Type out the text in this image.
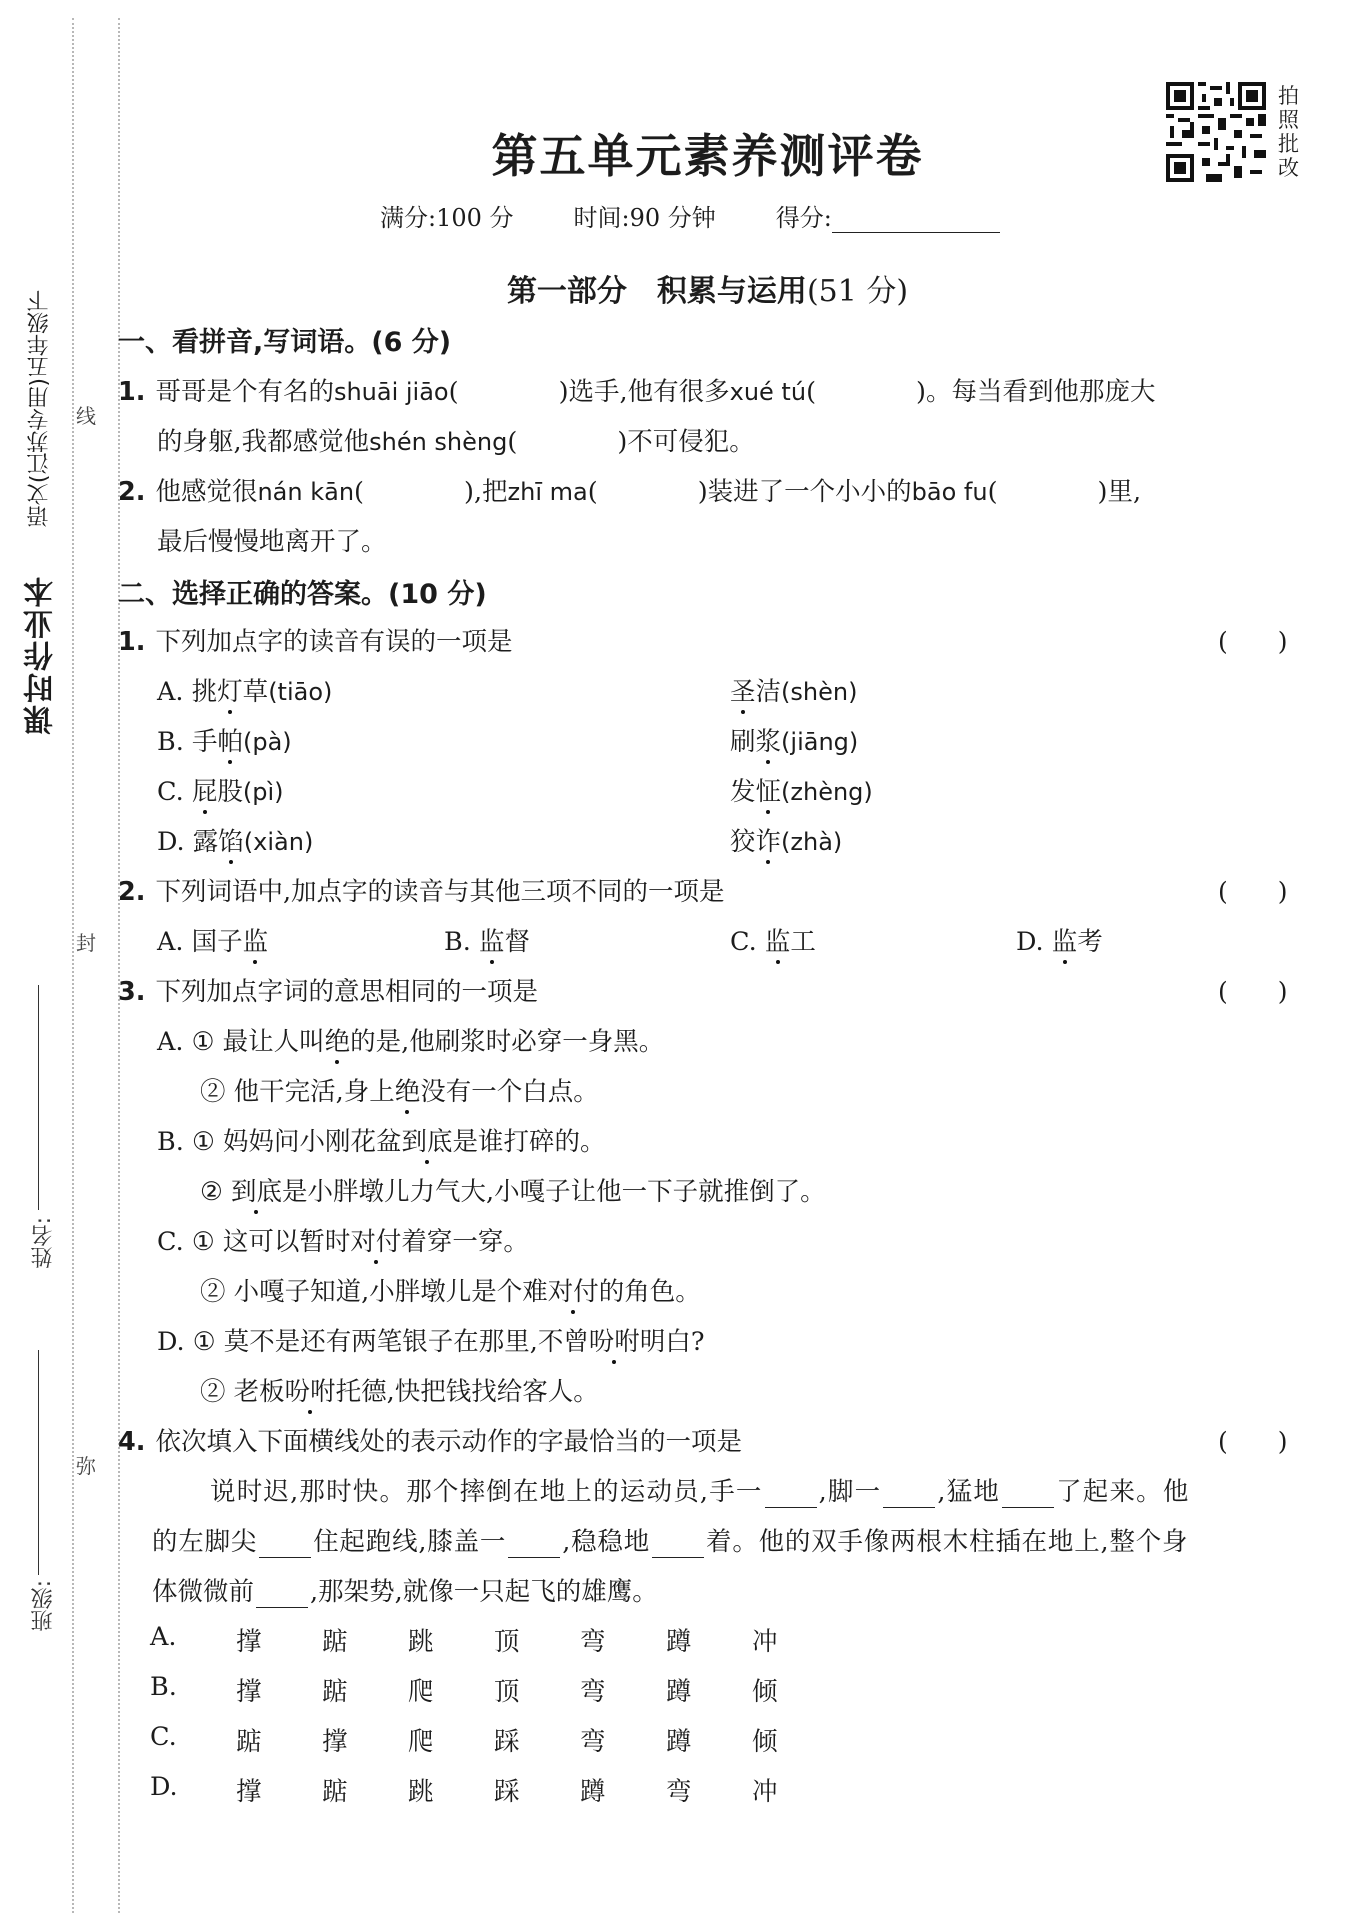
课时作业本
语文(江苏专用)五年级下 线
封
弥
姓名:
班级:
第五单元素养测评卷
拍照批改
满分:100 分	时间:90 分钟	得分:
第一部分　积累与运用(51 分)
一、看拼音,写词语。(6 分)
1. 哥哥是个有名的shuāi jiāo(	)选手,他有很多xué tú(	)。每当看到他那庞大
的身躯,我都感觉他shén shèng(	)不可侵犯。
2. 他感觉很nán kān(	),把zhī ma(	)装进了一个小小的bāo fu(	)里,
最后慢慢地离开了。
二、选择正确的答案。(10 分)
1. 下列加点字的读音有误的一项是	(　　)
A. 挑灯草(tiāo)	圣洁(shèn)
B. 手帕(pà)	刷浆(jiāng)
C. 屁股(pì)	发怔(zhèng)
D. 露馅(xiàn)	狡诈(zhà)
2. 下列词语中,加点字的读音与其他三项不同的一项是	(　　)
A. 国子监	B. 监督	C. 监工	D. 监考
3. 下列加点字词的意思相同的一项是	(　　)
A. ① 最让人叫绝的是,他刷浆时必穿一身黑。
② 他干完活,身上绝没有一个白点。
B. ① 妈妈问小刚花盆到底是谁打碎的。
② 到底是小胖墩儿力气大,小嘎子让他一下子就推倒了。
C. ① 这可以暂时对付着穿一穿。
② 小嘎子知道,小胖墩儿是个难对付的角色。
D. ① 莫不是还有两笔银子在那里,不曾吩咐明白?
② 老板吩咐托德,快把钱找给客人。
4. 依次填入下面横线处的表示动作的字最恰当的一项是	(　　)
说时迟,那时快。那个摔倒在地上的运动员,手一 ,脚一 ,猛地 了起来。他
的左脚尖 住起跑线,膝盖一 ,稳稳地 着。他的双手像两根木柱插在地上,整个身
体微微前 ,那架势,就像一只起飞的雄鹰。
A.	撑	踮	跳	顶	弯	蹲	冲
B.	撑	踮	爬	顶	弯	蹲	倾
C.	踮	撑	爬	踩	弯	蹲	倾
D.	撑	踮	跳	踩	蹲	弯	冲
